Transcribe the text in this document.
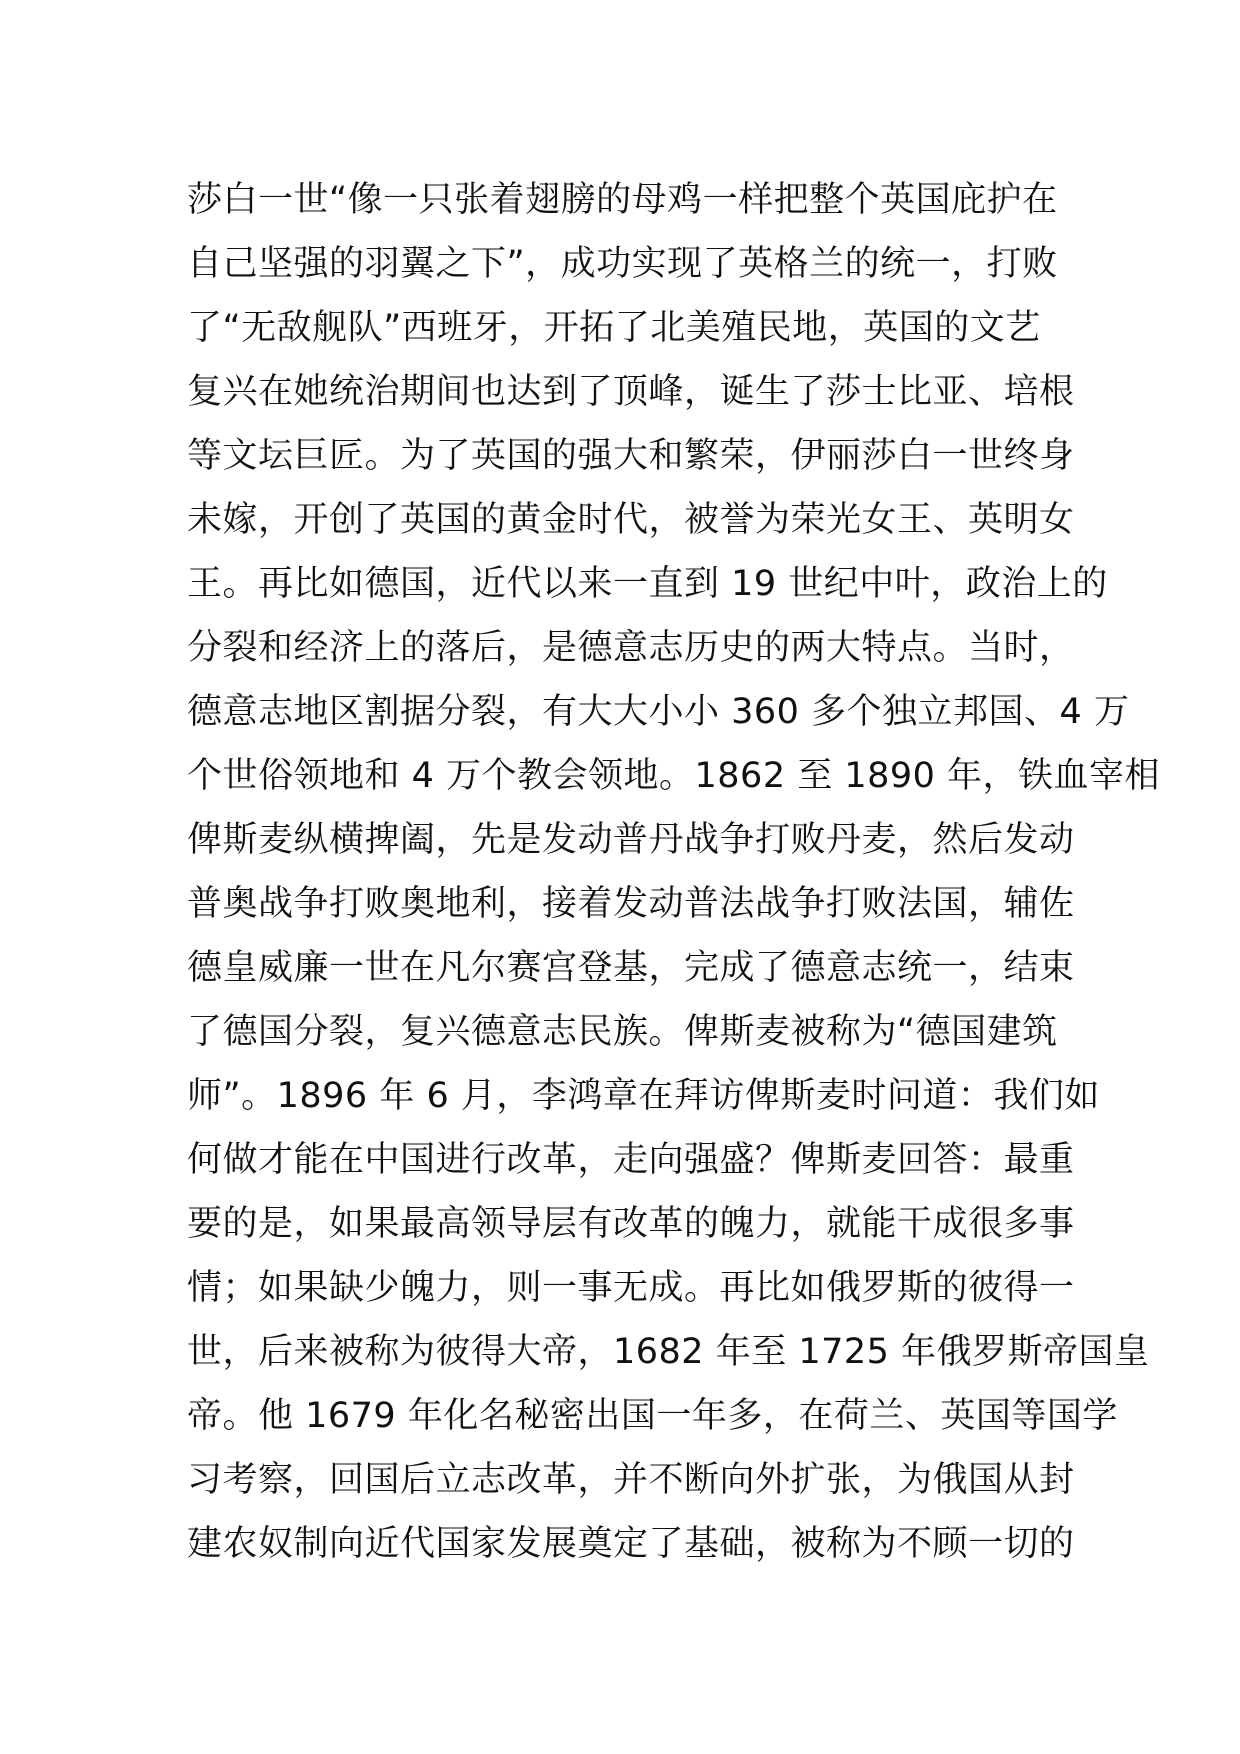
莎白一世“像一只张着翅膀的母鸡一样把整个英国庇护在
自己坚强的羽翼之下”，成功实现了英格兰的统一，打败
了“无敌舰队”西班牙，开拓了北美殖民地，英国的文艺
复兴在她统治期间也达到了顶峰，诞生了莎士比亚、培根
等文坛巨匠。为了英国的强大和繁荣，伊丽莎白一世终身
未嫁，开创了英国的黄金时代，被誉为荣光女王、英明女
王。再比如德国，近代以来一直到 19 世纪中叶，政治上的
分裂和经济上的落后，是德意志历史的两大特点。当时，
德意志地区割据分裂，有大大小小 360 多个独立邦国、4 万
个世俗领地和 4 万个教会领地。1862 至 1890 年，铁血宰相
俾斯麦纵横捭阖，先是发动普丹战争打败丹麦，然后发动
普奥战争打败奥地利，接着发动普法战争打败法国，辅佐
德皇威廉一世在凡尔赛宫登基，完成了德意志统一，结束
了德国分裂，复兴德意志民族。俾斯麦被称为“德国建筑
师”。1896 年 6 月，李鸿章在拜访俾斯麦时问道：我们如
何做才能在中国进行改革，走向强盛？俾斯麦回答：最重
要的是，如果最高领导层有改革的魄力，就能干成很多事
情；如果缺少魄力，则一事无成。再比如俄罗斯的彼得一
世，后来被称为彼得大帝，1682 年至 1725 年俄罗斯帝国皇
帝。他 1679 年化名秘密出国一年多，在荷兰、英国等国学
习考察，回国后立志改革，并不断向外扩张，为俄国从封
建农奴制向近代国家发展奠定了基础，被称为不顾一切的
